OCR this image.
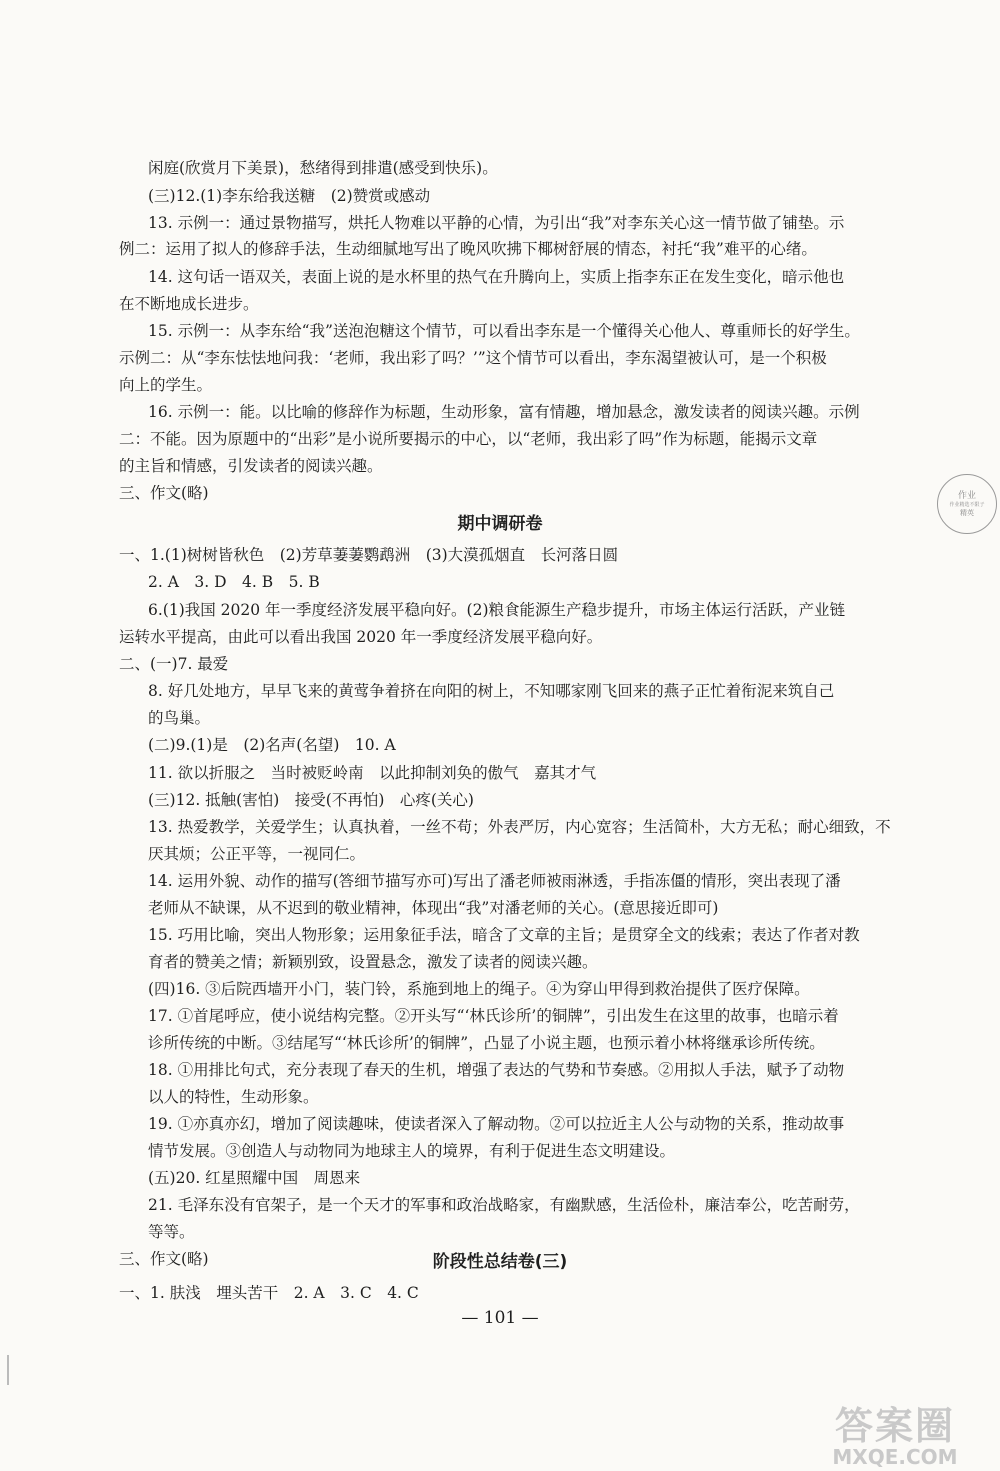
闲庭(欣赏月下美景)，愁绪得到排遣(感受到快乐)。
(三)12.(1)李东给我送糖　(2)赞赏或感动
13. 示例一：通过景物描写，烘托人物难以平静的心情，为引出“我”对李东关心这一情节做了铺垫。示
例二：运用了拟人的修辞手法，生动细腻地写出了晚风吹拂下椰树舒展的情态，衬托“我”难平的心绪。
14. 这句话一语双关，表面上说的是水杯里的热气在升腾向上，实质上指李东正在发生变化，暗示他也
在不断地成长进步。
15. 示例一：从李东给“我”送泡泡糖这个情节，可以看出李东是一个懂得关心他人、尊重师长的好学生。
示例二：从“李东怯怯地问我：‘老师，我出彩了吗？’”这个情节可以看出，李东渴望被认可，是一个积极
向上的学生。
16. 示例一：能。以比喻的修辞作为标题，生动形象，富有情趣，增加悬念，激发读者的阅读兴趣。示例
二：不能。因为原题中的“出彩”是小说所要揭示的中心，以“老师，我出彩了吗”作为标题，能揭示文章
的主旨和情感，引发读者的阅读兴趣。
三、作文(略)
期中调研卷
一、1.(1)树树皆秋色　(2)芳草萋萋鹦鹉洲　(3)大漠孤烟直　长河落日圆
2. A　3. D　4. B　5. B
6.(1)我国 2020 年一季度经济发展平稳向好。(2)粮食能源生产稳步提升，市场主体运行活跃，产业链
运转水平提高，由此可以看出我国 2020 年一季度经济发展平稳向好。
二、(一)7. 最爱
8. 好几处地方，早早飞来的黄莺争着挤在向阳的树上，不知哪家刚飞回来的燕子正忙着衔泥来筑自己
的鸟巢。
(二)9.(1)是　(2)名声(名望)　10. A
11. 欲以折服之　当时被贬岭南　以此抑制刘奂的傲气　嘉其才气
(三)12. 抵触(害怕)　接受(不再怕)　心疼(关心)
13. 热爱教学，关爱学生；认真执着，一丝不苟；外表严厉，内心宽容；生活简朴，大方无私；耐心细致，不
厌其烦；公正平等，一视同仁。
14. 运用外貌、动作的描写(答细节描写亦可)写出了潘老师被雨淋透，手指冻僵的情形，突出表现了潘
老师从不缺课，从不迟到的敬业精神，体现出“我”对潘老师的关心。(意思接近即可)
15. 巧用比喻，突出人物形象；运用象征手法，暗含了文章的主旨；是贯穿全文的线索；表达了作者对教
育者的赞美之情；新颖别致，设置悬念，激发了读者的阅读兴趣。
(四)16. ③后院西墙开小门，装门铃，系施到地上的绳子。④为穿山甲得到救治提供了医疗保障。
17. ①首尾呼应，使小说结构完整。②开头写“‘林氏诊所’的铜牌”，引出发生在这里的故事，也暗示着
诊所传统的中断。③结尾写“‘林氏诊所’的铜牌”，凸显了小说主题，也预示着小林将继承诊所传统。
18. ①用排比句式，充分表现了春天的生机，增强了表达的气势和节奏感。②用拟人手法，赋予了动物
以人的特性，生动形象。
19. ①亦真亦幻，增加了阅读趣味，使读者深入了解动物。②可以拉近主人公与动物的关系，推动故事
情节发展。③创造人与动物同为地球主人的境界，有利于促进生态文明建设。
(五)20. 红星照耀中国　周恩来
21. 毛泽东没有官架子，是一个天才的军事和政治战略家，有幽默感，生活俭朴，廉洁奉公，吃苦耐劳，
等等。
三、作文(略)	阶段性总结卷(三)
一、1. 肤浅　埋头苦干　2. A　3. C　4. C
— 101 —
作业
作业精选不限子
精英
答案圈
MXQE.COM
